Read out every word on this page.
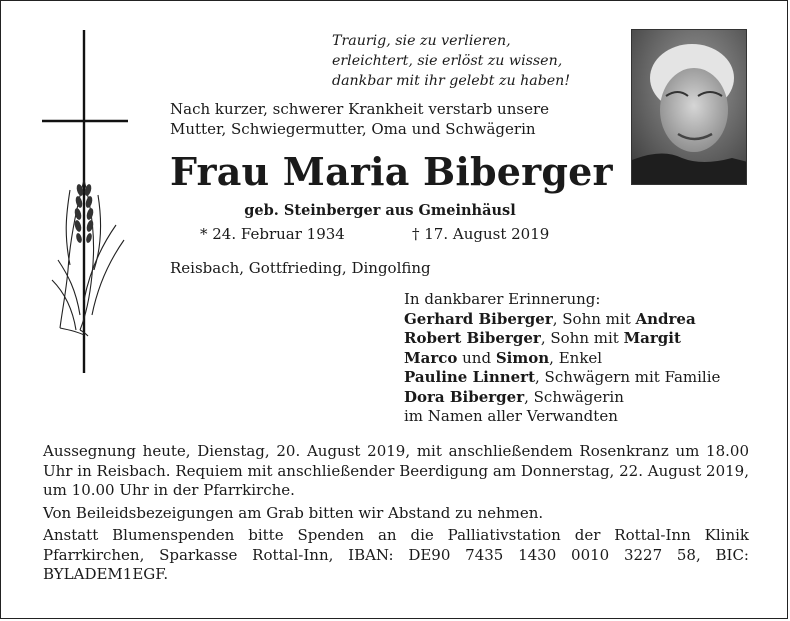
Traurig, sie zu verlieren,
erleichtert, sie erlöst zu wissen,
dankbar mit ihr gelebt zu haben!
Nach kurzer, schwerer Krankheit verstarb unsere
Mutter, Schwiegermutter, Oma und Schwägerin
Frau Maria Biberger
geb. Steinberger aus Gmeinhäusl
* 24. Februar 1934	† 17. August 2019
Reisbach, Gottfrieding, Dingolfing
In dankbarer Erinnerung:
Gerhard Biberger, Sohn mit Andrea
Robert Biberger, Sohn mit Margit
Marco und Simon, Enkel
Pauline Linnert, Schwägern mit Familie
Dora Biberger, Schwägerin
im Namen aller Verwandten

Aussegnung heute, Dienstag, 20. August 2019, mit anschließendem Rosenkranz um 18.00 Uhr in Reisbach. Requiem mit anschließender Beerdigung am Donnerstag, 22. August 2019, um 10.00 Uhr in der Pfarrkirche.

Von Beileidsbezeigungen am Grab bitten wir Abstand zu nehmen.

Anstatt Blumenspenden bitte Spenden an die Palliativstation der Rottal-Inn Klinik Pfarrkirchen, Sparkasse Rottal-Inn, IBAN: DE90 7435 1430 0010 3227 58, BIC: BYLADEM1EGF.
